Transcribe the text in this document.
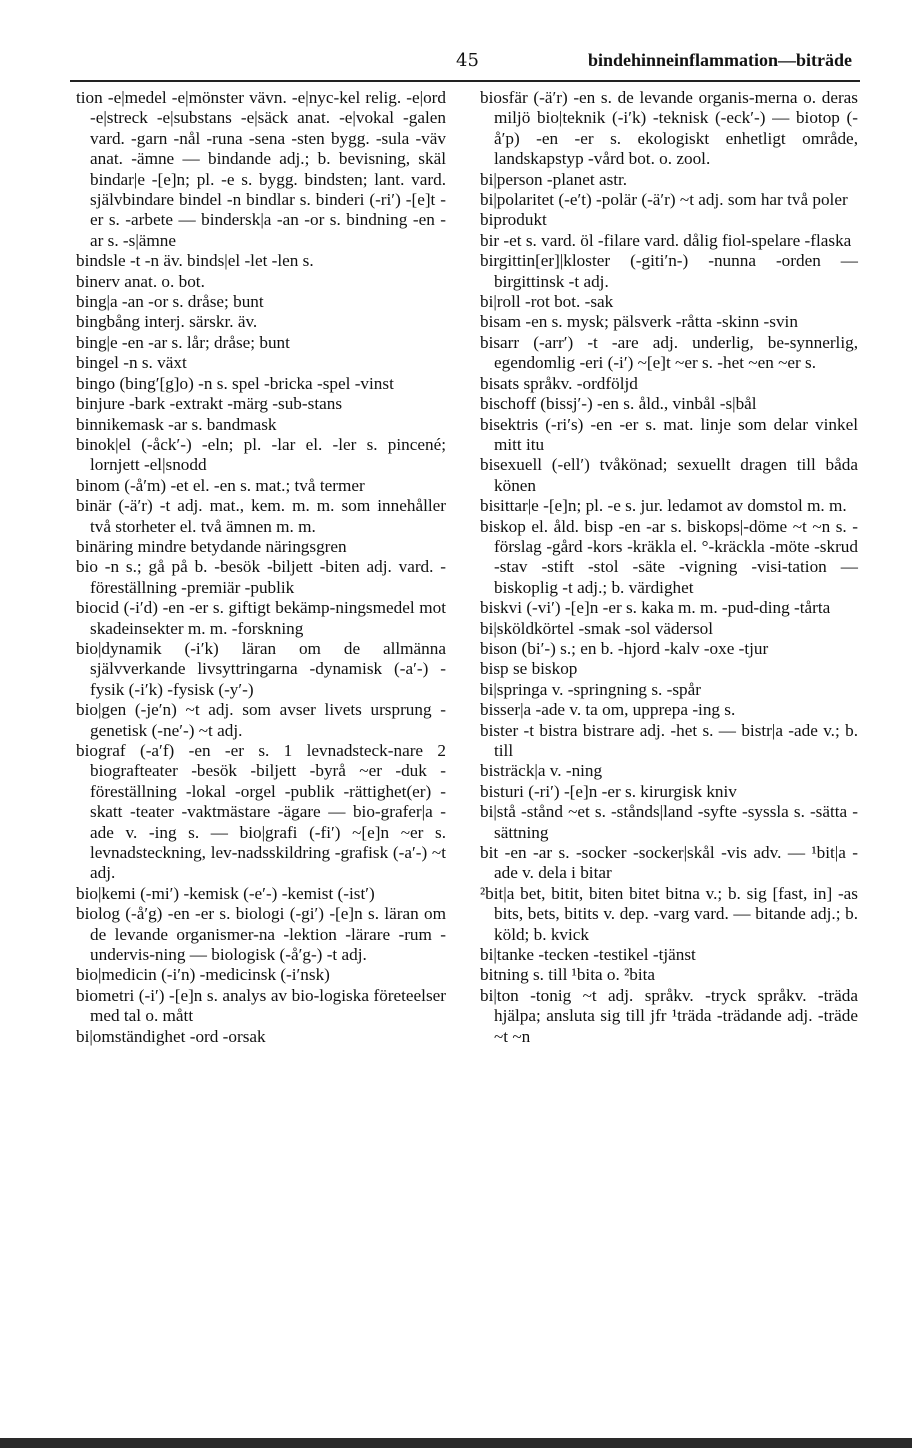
45	bindehinneinflammation—biträde

tion -e|medel -e|mönster vävn. -e|nyc-kel relig. -e|ord -e|streck -e|substans -e|säck anat. -e|vokal -galen vard. -garn -nål -runa -sena -sten bygg. -sula -väv anat. -ämne — bindande adj.; b. bevisning, skäl bindar|e -[e]n; pl. -e s. bygg. bindsten; lant. vard. självbindare bindel -n bindlar s. binderi (-ri′) -[e]t -er s. -arbete — bindersk|a -an -or s. bindning -en -ar s. -s|ämne

bindsle -t -n äv. binds|el -let -len s.

binerv anat. o. bot.

bing|a -an -or s. dråse; bunt

bingbång interj. särskr. äv.

bing|e -en -ar s. lår; dråse; bunt

bingel -n s. växt

bingo (bing′[g]o) -n s. spel -bricka -spel -vinst

binjure -bark -extrakt -märg -sub-stans

binnikemask -ar s. bandmask

binok|el (-åck′-) -eln; pl. -lar el. -ler s. pincené; lornjett -el|snodd

binom (-å′m) -et el. -en s. mat.; två termer

binär (-ä′r) -t adj. mat., kem. m. m. som innehåller två storheter el. två ämnen m. m.

binäring mindre betydande näringsgren

bio -n s.; gå på b. -besök -biljett -biten adj. vard. -föreställning -premiär -publik

biocid (-i′d) -en -er s. giftigt bekämp-ningsmedel mot skadeinsekter m. m. -forskning

bio|dynamik (-i′k) läran om de allmänna självverkande livsyttringarna -dynamisk (-a′-) -fysik (-i′k) -fysisk (-y′-)

bio|gen (-je′n) ~t adj. som avser livets ursprung -genetisk (-ne′-) ~t adj.

biograf (-a′f) -en -er s. 1 levnadsteck-nare 2 biografteater -besök -biljett -byrå ~er -duk -föreställning -lokal -orgel -publik -rättighet(er) -skatt -teater -vaktmästare -ägare — bio-grafer|a -ade v. -ing s. — bio|grafi (-fi′) ~[e]n ~er s. levnadsteckning, lev-nadsskildring -grafisk (-a′-) ~t adj.

bio|kemi (-mi′) -kemisk (-e′-) -kemist (-ist′)

biolog (-å′g) -en -er s. biologi (-gi′) -[e]n s. läran om de levande organismer-na -lektion -lärare -rum -undervis-ning — biologisk (-å′g-) -t adj.

bio|medicin (-i′n) -medicinsk (-i′nsk)

biometri (-i′) -[e]n s. analys av bio-logiska företeelser med tal o. mått

bi|omständighet -ord -orsak

biosfär (-ä′r) -en s. de levande organis-merna o. deras miljö bio|teknik (-i′k) -teknisk (-eck′-) — biotop (-å′p) -en -er s. ekologiskt enhetligt område, landskapstyp -vård bot. o. zool.

bi|person -planet astr.

bi|polaritet (-e′t) -polär (-ä′r) ~t adj. som har två poler

biprodukt

bir -et s. vard. öl -filare vard. dålig fiol-spelare -flaska

birgittin[er]|kloster (-giti′n-) -nunna -orden — birgittinsk -t adj.

bi|roll -rot bot. -sak

bisam -en s. mysk; pälsverk -råtta -skinn -svin

bisarr (-arr′) -t -are adj. underlig, be-synnerlig, egendomlig -eri (-i′) ~[e]t ~er s. -het ~en ~er s.

bisats språkv. -ordföljd

bischoff (bissj′-) -en s. åld., vinbål -s|bål

bisektris (-ri′s) -en -er s. mat. linje som delar vinkel mitt itu

bisexuell (-ell′) tvåkönad; sexuellt dragen till båda könen

bisittar|e -[e]n; pl. -e s. jur. ledamot av domstol m. m.

biskop el. åld. bisp -en -ar s. biskops|-döme ~t ~n s. -förslag -gård -kors -kräkla el. °-kräckla -möte -skrud -stav -stift -stol -säte -vigning -visi-tation — biskoplig -t adj.; b. värdighet

biskvi (-vi′) -[e]n -er s. kaka m. m. -pud-ding -tårta

bi|sköldkörtel -smak -sol vädersol

bison (bi′-) s.; en b. -hjord -kalv -oxe -tjur

bisp se biskop

bi|springa v. -springning s. -spår

bisser|a -ade v. ta om, upprepa -ing s.

bister -t bistra bistrare adj. -het s. — bistr|a -ade v.; b. till

bisträck|a v. -ning

bisturi (-ri′) -[e]n -er s. kirurgisk kniv

bi|stå -stånd ~et s. -stånds|land -syfte -syssla s. -sätta -sättning

bit -en -ar s. -socker -socker|skål -vis adv. — ¹bit|a -ade v. dela i bitar

²bit|a bet, bitit, biten bitet bitna v.; b. sig [fast, in] -as bits, bets, bitits v. dep. -varg vard. — bitande adj.; b. köld; b. kvick

bi|tanke -tecken -testikel -tjänst

bitning s. till ¹bita o. ²bita

bi|ton -tonig ~t adj. språkv. -tryck språkv. -träda hjälpa; ansluta sig till jfr ¹träda -trädande adj. -träde ~t ~n
